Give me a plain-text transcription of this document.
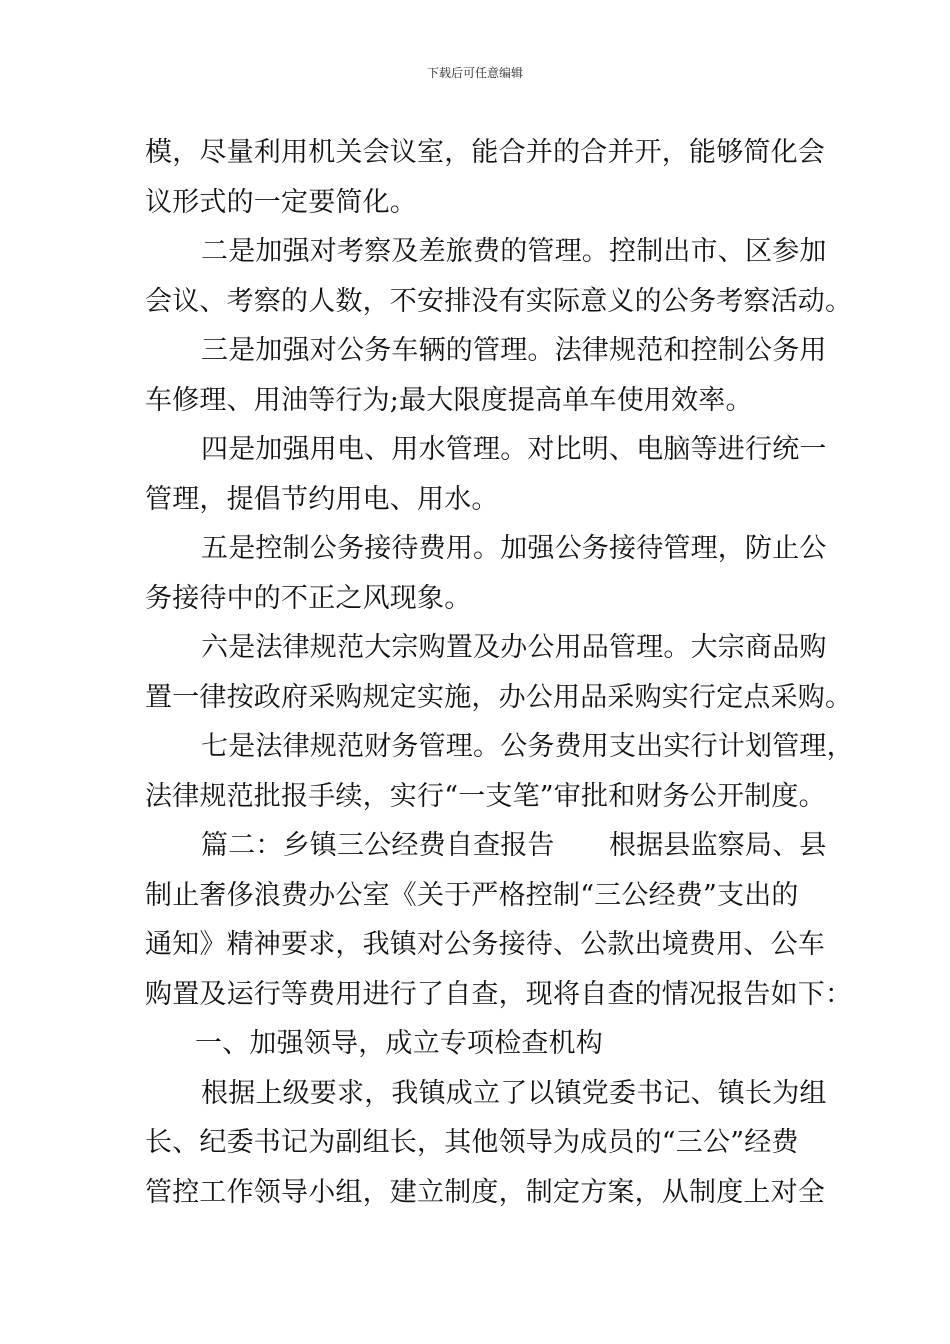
下载后可任意编辑
模，尽量利用机关会议室，能合并的合并开，能够简化会
议形式的一定要简化。
二是加强对考察及差旅费的管理。控制出市、区参加
会议、考察的人数，不安排没有实际意义的公务考察活动。
三是加强对公务车辆的管理。法律规范和控制公务用
车修理、用油等行为;最大限度提高单车使用效率。
四是加强用电、用水管理。对比明、电脑等进行统一
管理，提倡节约用电、用水。
五是控制公务接待费用。加强公务接待管理，防止公
务接待中的不正之风现象。
六是法律规范大宗购置及办公用品管理。大宗商品购
置一律按政府采购规定实施，办公用品采购实行定点采购。
七是法律规范财务管理。公务费用支出实行计划管理，
法律规范批报手续，实行“一支笔”审批和财务公开制度。
篇二：乡镇三公经费自查报告　　根据县监察局、县
制止奢侈浪费办公室《关于严格控制“三公经费”支出的
通知》精神要求，我镇对公务接待、公款出境费用、公车
购置及运行等费用进行了自查，现将自查的情况报告如下：
一、加强领导，成立专项检查机构
根据上级要求，我镇成立了以镇党委书记、镇长为组
长、纪委书记为副组长，其他领导为成员的“三公”经费
管控工作领导小组，建立制度，制定方案，从制度上对全
